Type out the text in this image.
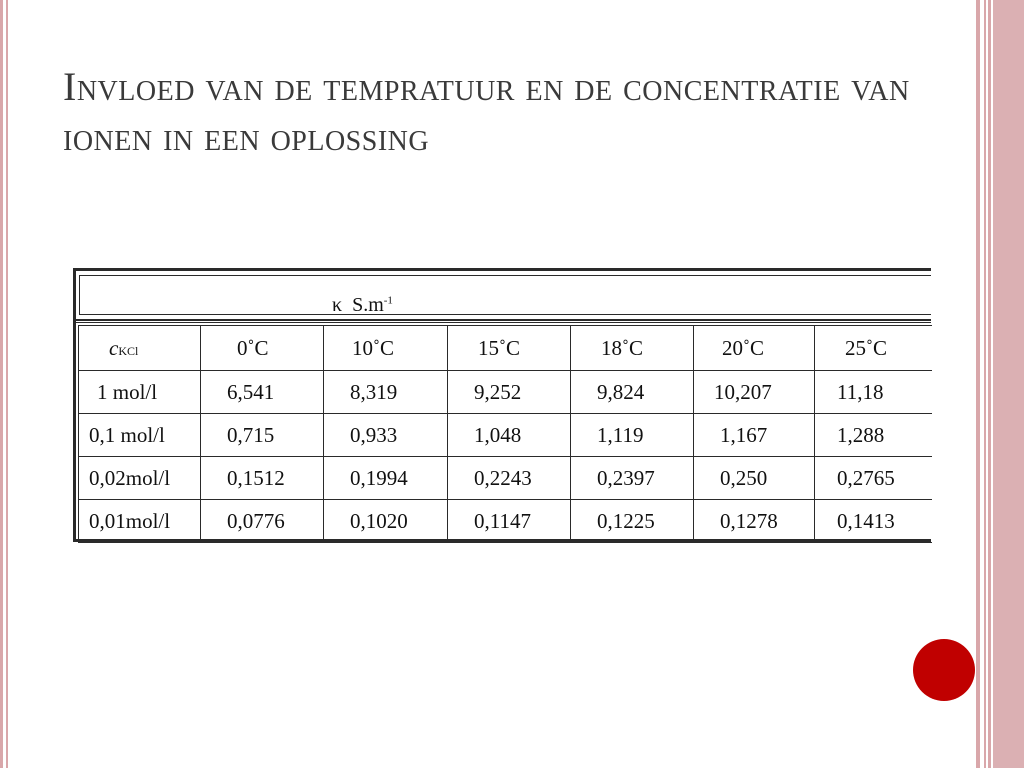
Invloed van de tempratuur en de concentratie van ionen in een oplossing
κ $S.m^{-1}$
cKCl	0˚C	10˚C	15˚C	18˚C	20˚C	25˚C
1 mol/l	6,541	8,319	9,252	9,824	10,207	11,18
0,1 mol/l	0,715	0,933	1,048	1,119	1,167	1,288
0,02mol/l	0,1512	0,1994	0,2243	0,2397	0,250	0,2765
0,01mol/l	0,0776	0,1020	0,1147	0,1225	0,1278	0,1413
